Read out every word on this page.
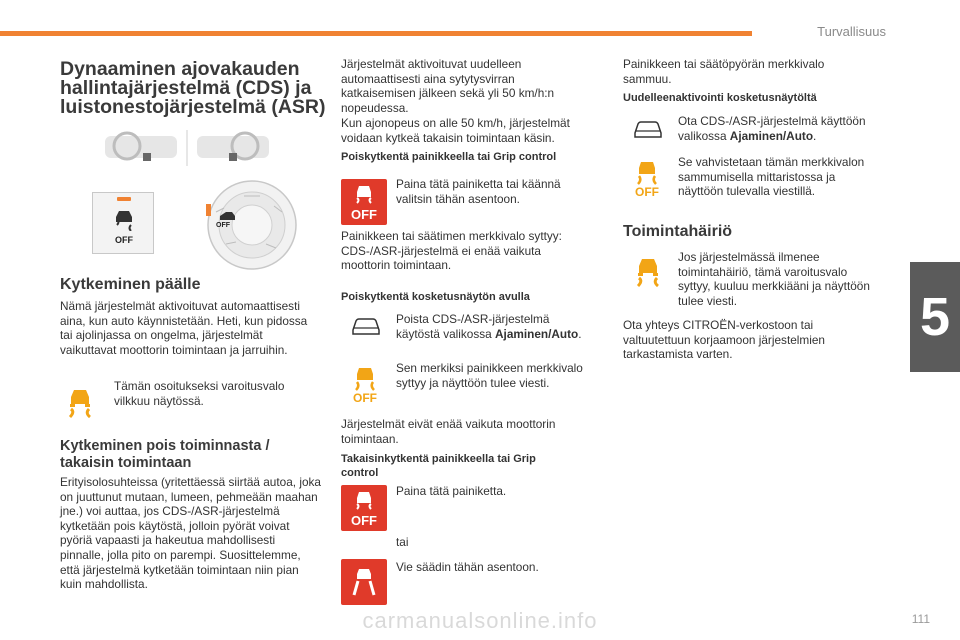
Turvallisuus
5
Dynaaminen ajovakauden hallintajärjestelmä (CDS) ja luistonestojärjestelmä (ASR)
OFF
OFF
Kytkeminen päälle
Nämä järjestelmät aktivoituvat automaattisesti aina, kun auto käynnistetään. Heti, kun pidossa tai ajolinjassa on ongelma, järjestelmät vaikuttavat moottorin toimintaan ja jarruihin.
Tämän osoitukseksi varoitusvalo vilkkuu näytössä.
Kytkeminen pois toiminnasta / takaisin toimintaan
Erityisolosuhteissa (yritettäessä siirtää autoa, joka on juuttunut mutaan, lumeen, pehmeään maahan jne.) voi auttaa, jos CDS-/ASR-järjestelmä kytketään pois käytöstä, jolloin pyörät voivat pyöriä vapaasti ja hakeutua mahdollisesti pinnalle, jolla pito on parempi. Suosittelemme, että järjestelmä kytketään toimintaan niin pian kuin mahdollista.
Järjestelmät aktivoituvat uudelleen automaattisesti aina sytytysvirran katkaisemisen jälkeen sekä yli 50 km/h:n nopeudessa.
Kun ajonopeus on alle 50 km/h, järjestelmät voidaan kytkeä takaisin toimintaan käsin.
Poiskytkentä painikkeella tai Grip control
OFF
Paina tätä painiketta tai käännä valitsin tähän asentoon.
Painikkeen tai säätimen merkkivalo syttyy: CDS-/ASR-järjestelmä ei enää vaikuta moottorin toimintaan.
Poiskytkentä kosketusnäytön avulla
Poista CDS-/ASR-järjestelmä käytöstä valikossa Ajaminen/Auto.
OFF
Sen merkiksi painikkeen merkkivalo syttyy ja näyttöön tulee viesti.
Järjestelmät eivät enää vaikuta moottorin toimintaan.
Takaisinkytkentä painikkeella tai Grip control
OFF
Paina tätä painiketta.
tai
Vie säädin tähän asentoon.
Painikkeen tai säätöpyörän merkkivalo sammuu.
Uudelleenaktivointi kosketusnäytöltä
Ota CDS-/ASR-järjestelmä käyttöön valikossa Ajaminen/Auto.
OFF
Se vahvistetaan tämän merkkivalon sammumisella mittaristossa ja näyttöön tulevalla viestillä.
Toimintahäiriö
Jos järjestelmässä ilmenee toimintahäiriö, tämä varoitusvalo syttyy, kuuluu merkkiääni ja näyttöön tulee viesti.
Ota yhteys CITROËN-verkostoon tai valtuutettuun korjaamoon järjestelmien tarkastamista varten.
carmanualsonline.info	111
